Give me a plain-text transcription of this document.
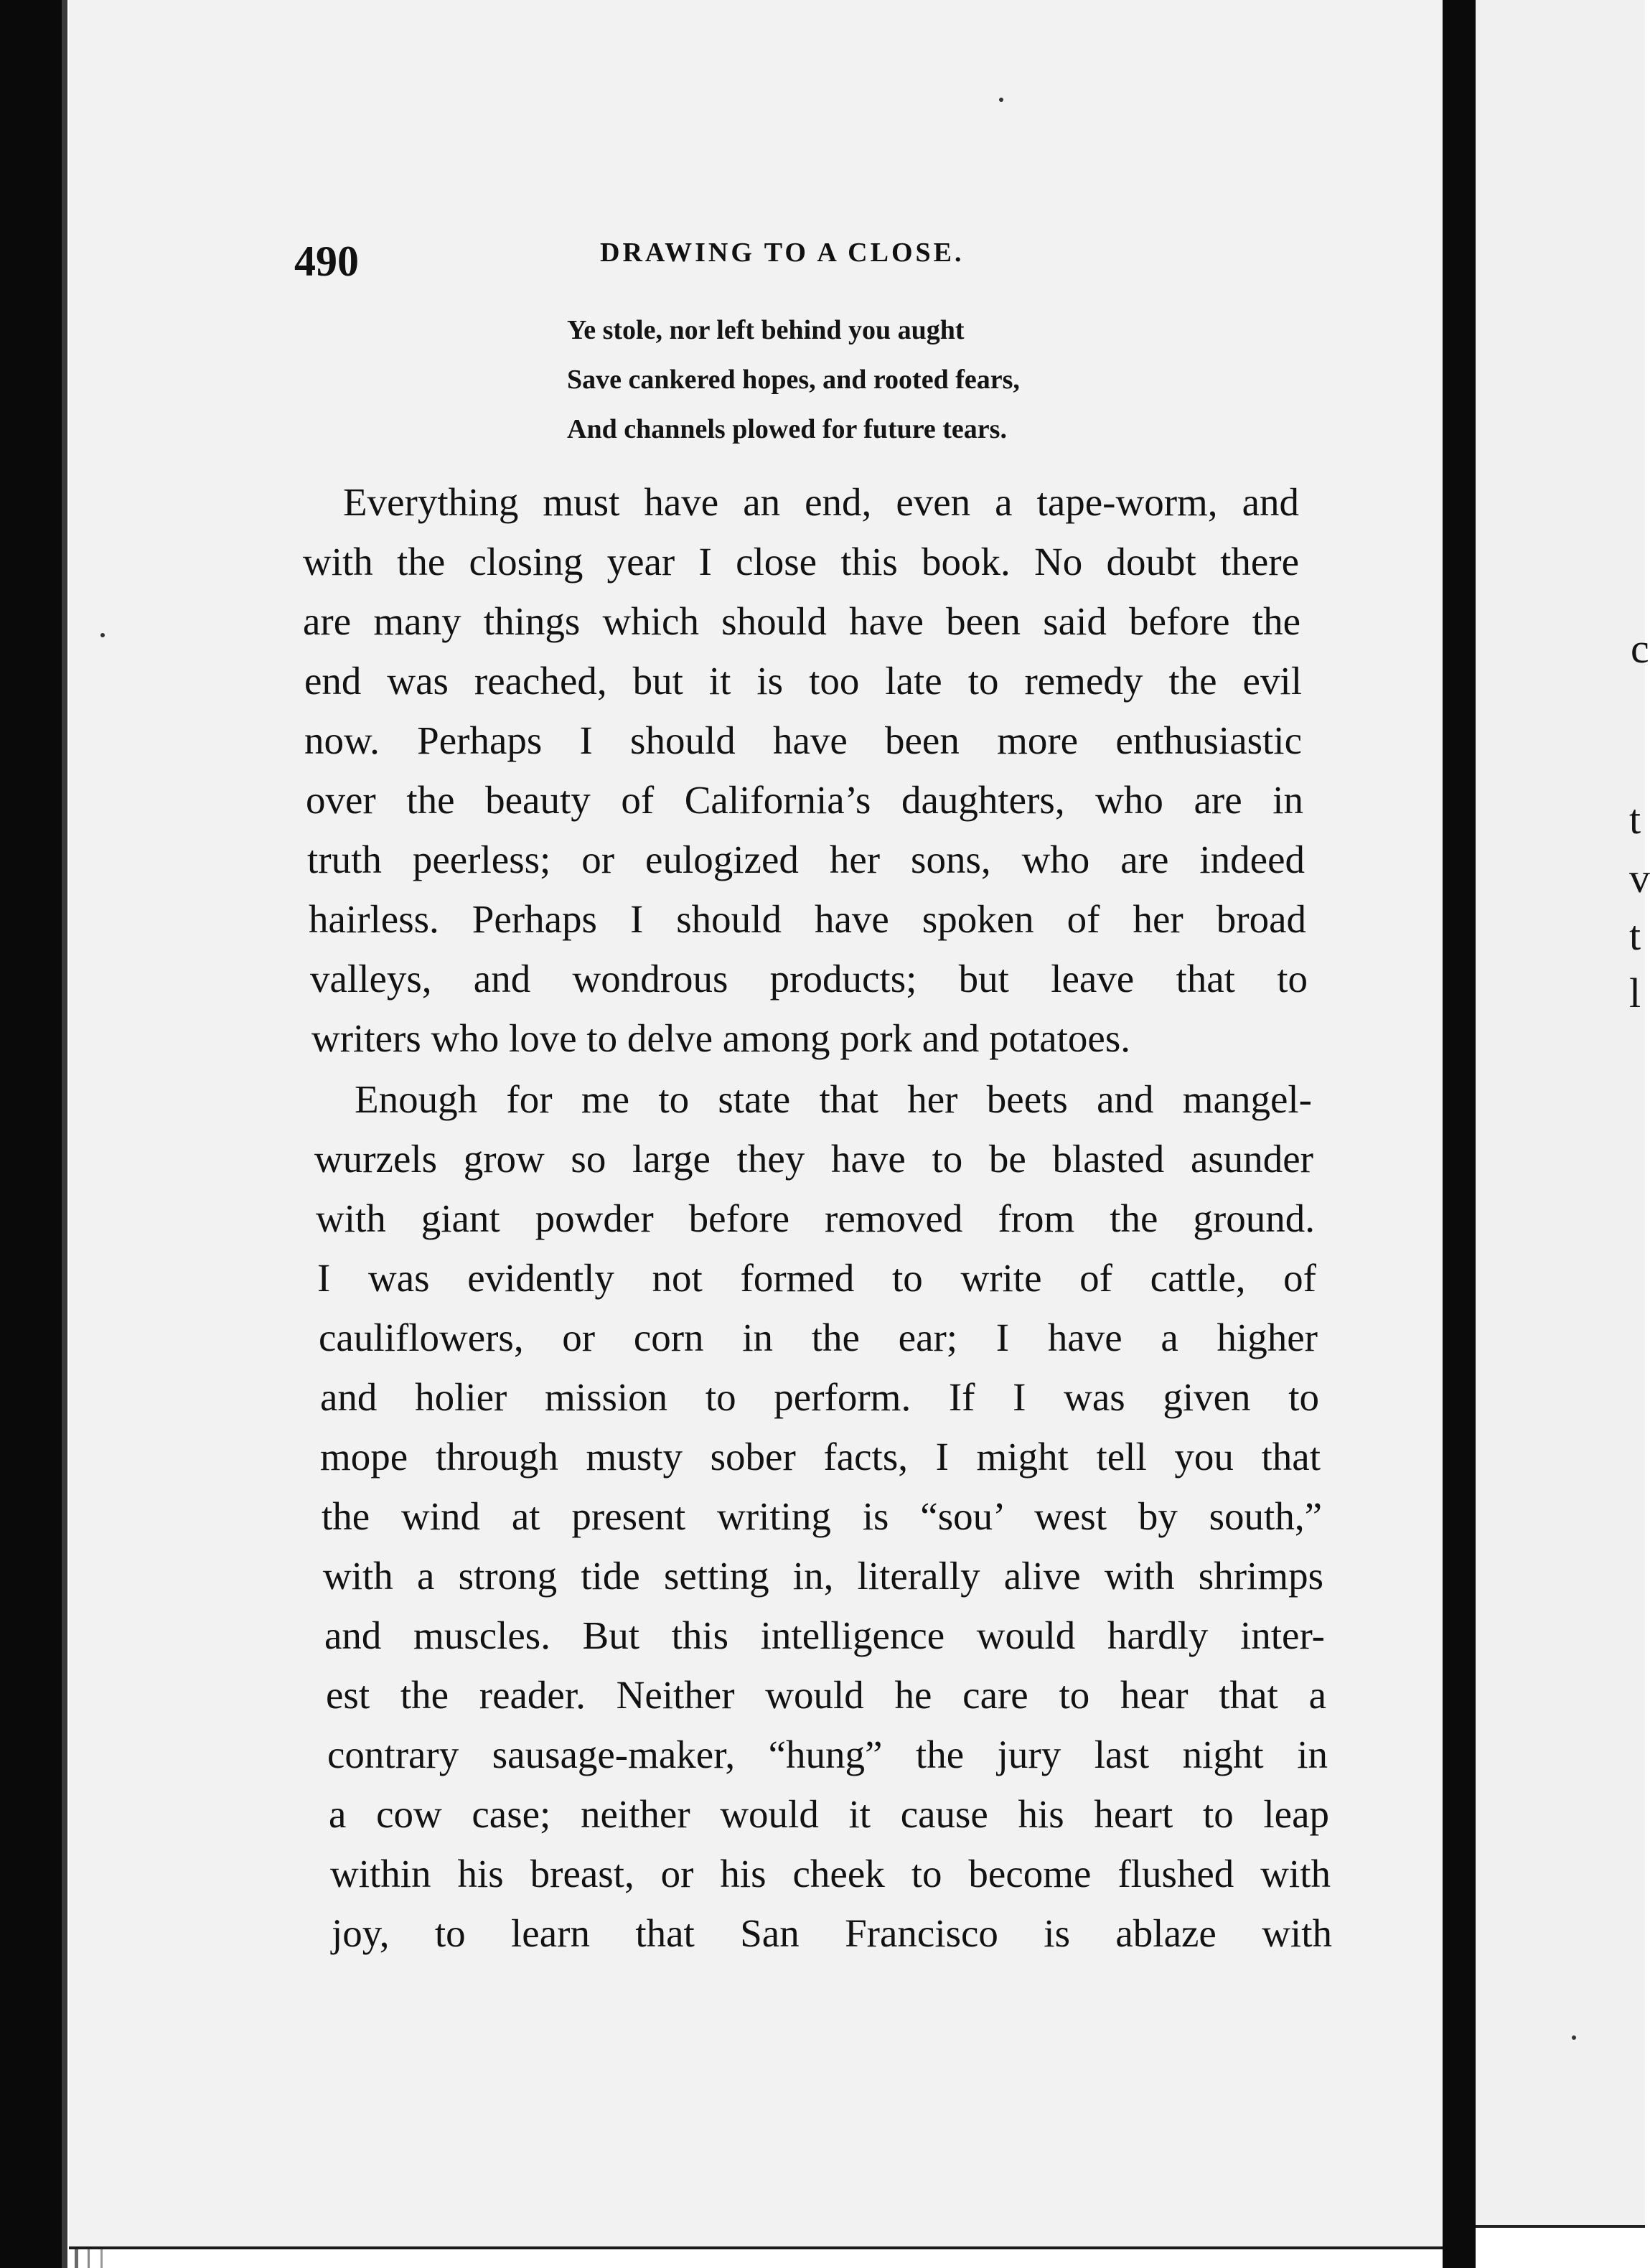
c
t
v
t
l
490	DRAWING TO A CLOSE.
Ye stole, nor left behind you aught
Save cankered hopes, and rooted fears,
And channels plowed for future tears.
Everything must have an end, even a tape-worm, and
with the closing year I close this book. No doubt there
are many things which should have been said before the
end was reached, but it is too late to remedy the evil
now. Perhaps I should have been more enthusiastic
over the beauty of California’s daughters, who are in
truth peerless; or eulogized her sons, who are indeed
hairless. Perhaps I should have spoken of her broad
valleys, and wondrous products; but leave that to
writers who love to delve among pork and potatoes.
Enough for me to state that her beets and mangel-
wurzels grow so large they have to be blasted asunder
with giant powder before removed from the ground.
I was evidently not formed to write of cattle, of
cauliflowers, or corn in the ear; I have a higher
and holier mission to perform. If I was given to
mope through musty sober facts, I might tell you that
the wind at present writing is “sou’ west by south,”
with a strong tide setting in, literally alive with shrimps
and muscles. But this intelligence would hardly inter-
est the reader. Neither would he care to hear that a
contrary sausage-maker, “hung” the jury last night in
a cow case; neither would it cause his heart to leap
within his breast, or his cheek to become flushed with
joy, to learn that San Francisco is ablaze with
